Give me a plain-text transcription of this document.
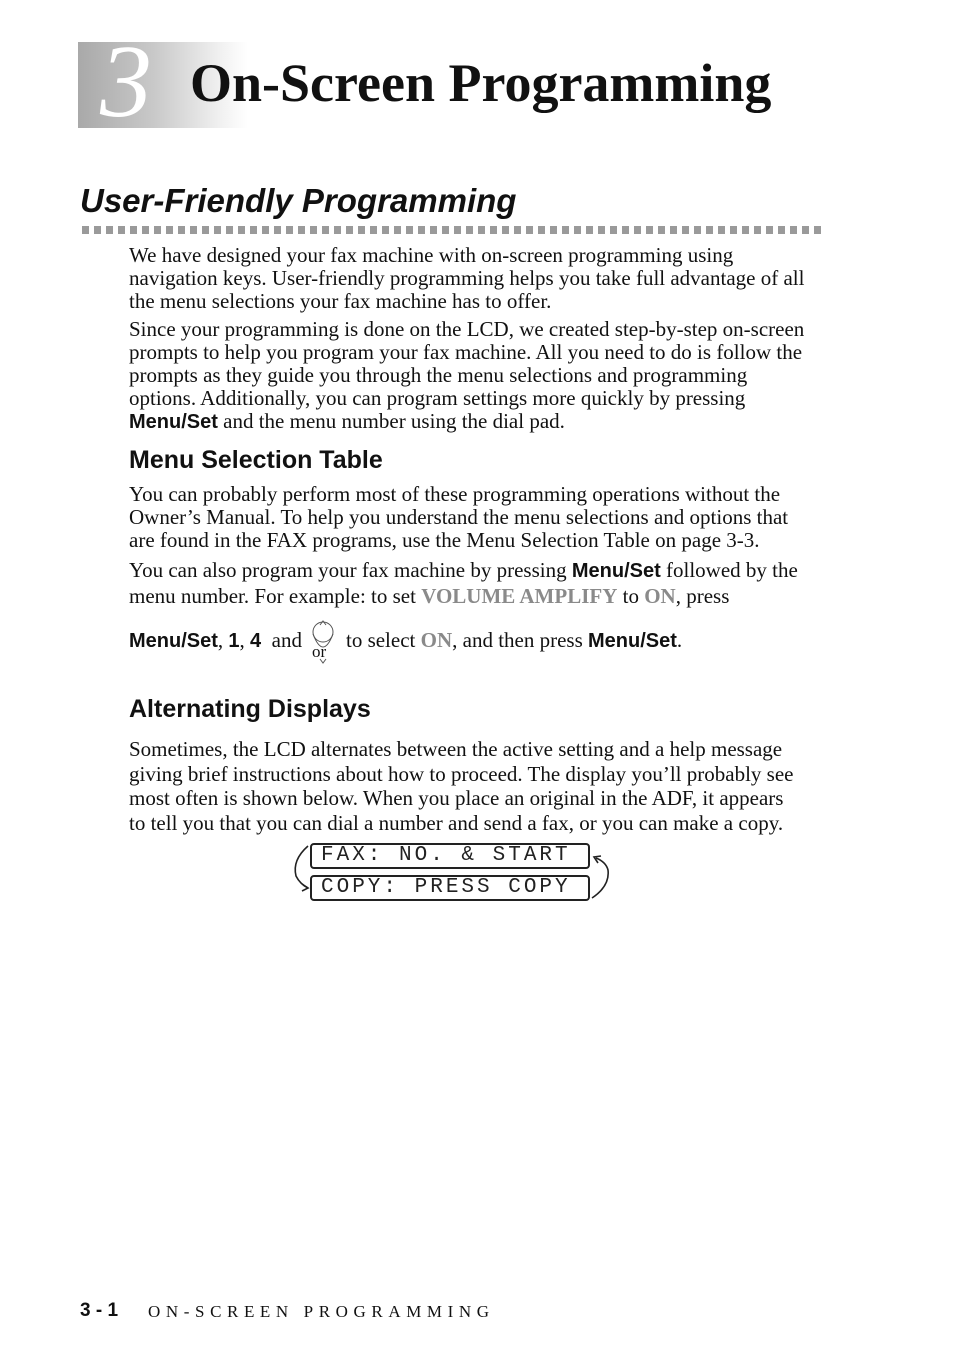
3 On-Screen Programming
User-Friendly Programming

We have designed your fax machine with on-screen programming using
navigation keys. User-friendly programming helps you take full advantage of all
the menu selections your fax machine has to offer.

Since your programming is done on the LCD, we created step-by-step on-screen
prompts to help you program your fax machine. All you need to do is follow the
prompts as they guide you through the menu selections and programming
options. Additionally, you can program settings more quickly by pressing
Menu/Set and the menu number using the dial pad.

Menu Selection Table

You can probably perform most of these programming operations without the
Owner’s Manual. To help you understand the menu selections and options that
are found in the FAX programs, use the Menu Selection Table on page 3-3.

You can also program your fax machine by pressing Menu/Set followed by the
menu number. For example: to set VOLUME AMPLIFY to ON, press

Menu/Set, 1, 4 and or to select ON, and then press Menu/Set.

Alternating Displays

Sometimes, the LCD alternates between the active setting and a help message
giving brief instructions about how to proceed. The display you’ll probably see
most often is shown below. When you place an original in the ADF, it appears
to tell you that you can dial a number and send a fax, or you can make a copy.

FAX: NO. & START
COPY: PRESS COPY
3 - 1 ON-SCREEN PROGRAMMING
